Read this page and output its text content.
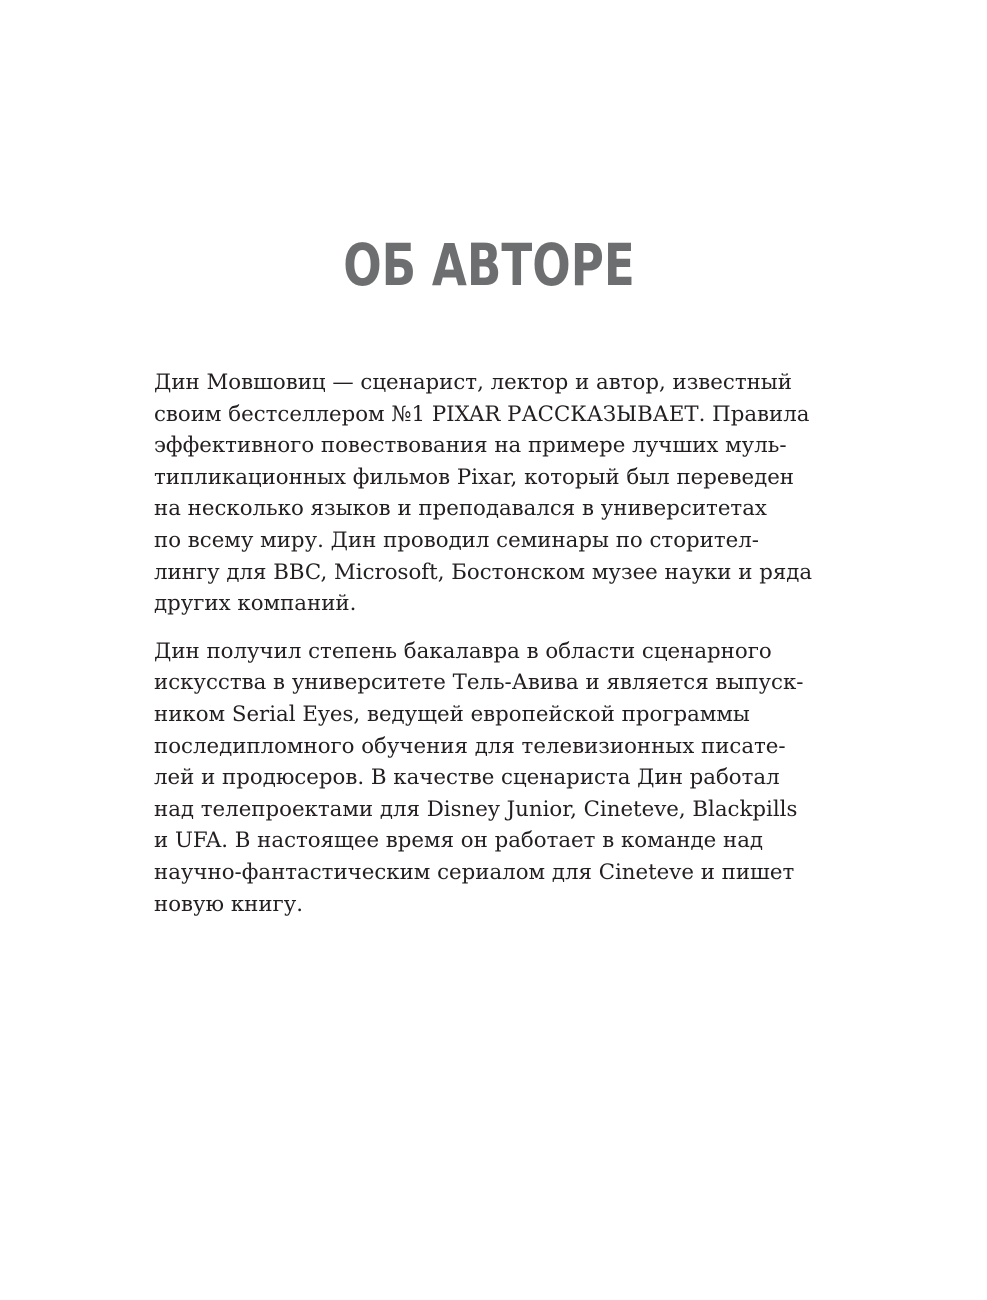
ОБ АВТОРЕ

Дин Мовшовиц — сценарист, лектор и автор, известный
своим бестселлером №1 PIXAR РАССКАЗЫВАЕТ. Правила
эффективного повествования на примере лучших муль-
типликационных фильмов Pixar, который был переведен
на несколько языков и преподавался в университетах
по всему миру. Дин проводил семинары по сторител-
лингу для BBC, Microsoft, Бостонском музее науки и ряда
других компаний.

Дин получил степень бакалавра в области сценарного
искусства в университете Тель-Авива и является выпуск-
ником Serial Eyes, ведущей европейской программы
последипломного обучения для телевизионных писате-
лей и продюсеров. В качестве сценариста Дин работал
над телепроектами для Disney Junior, Cineteve, Blackpills
и UFA. В настоящее время он работает в команде над
научно-фантастическим сериалом для Cineteve и пишет
новую книгу.
